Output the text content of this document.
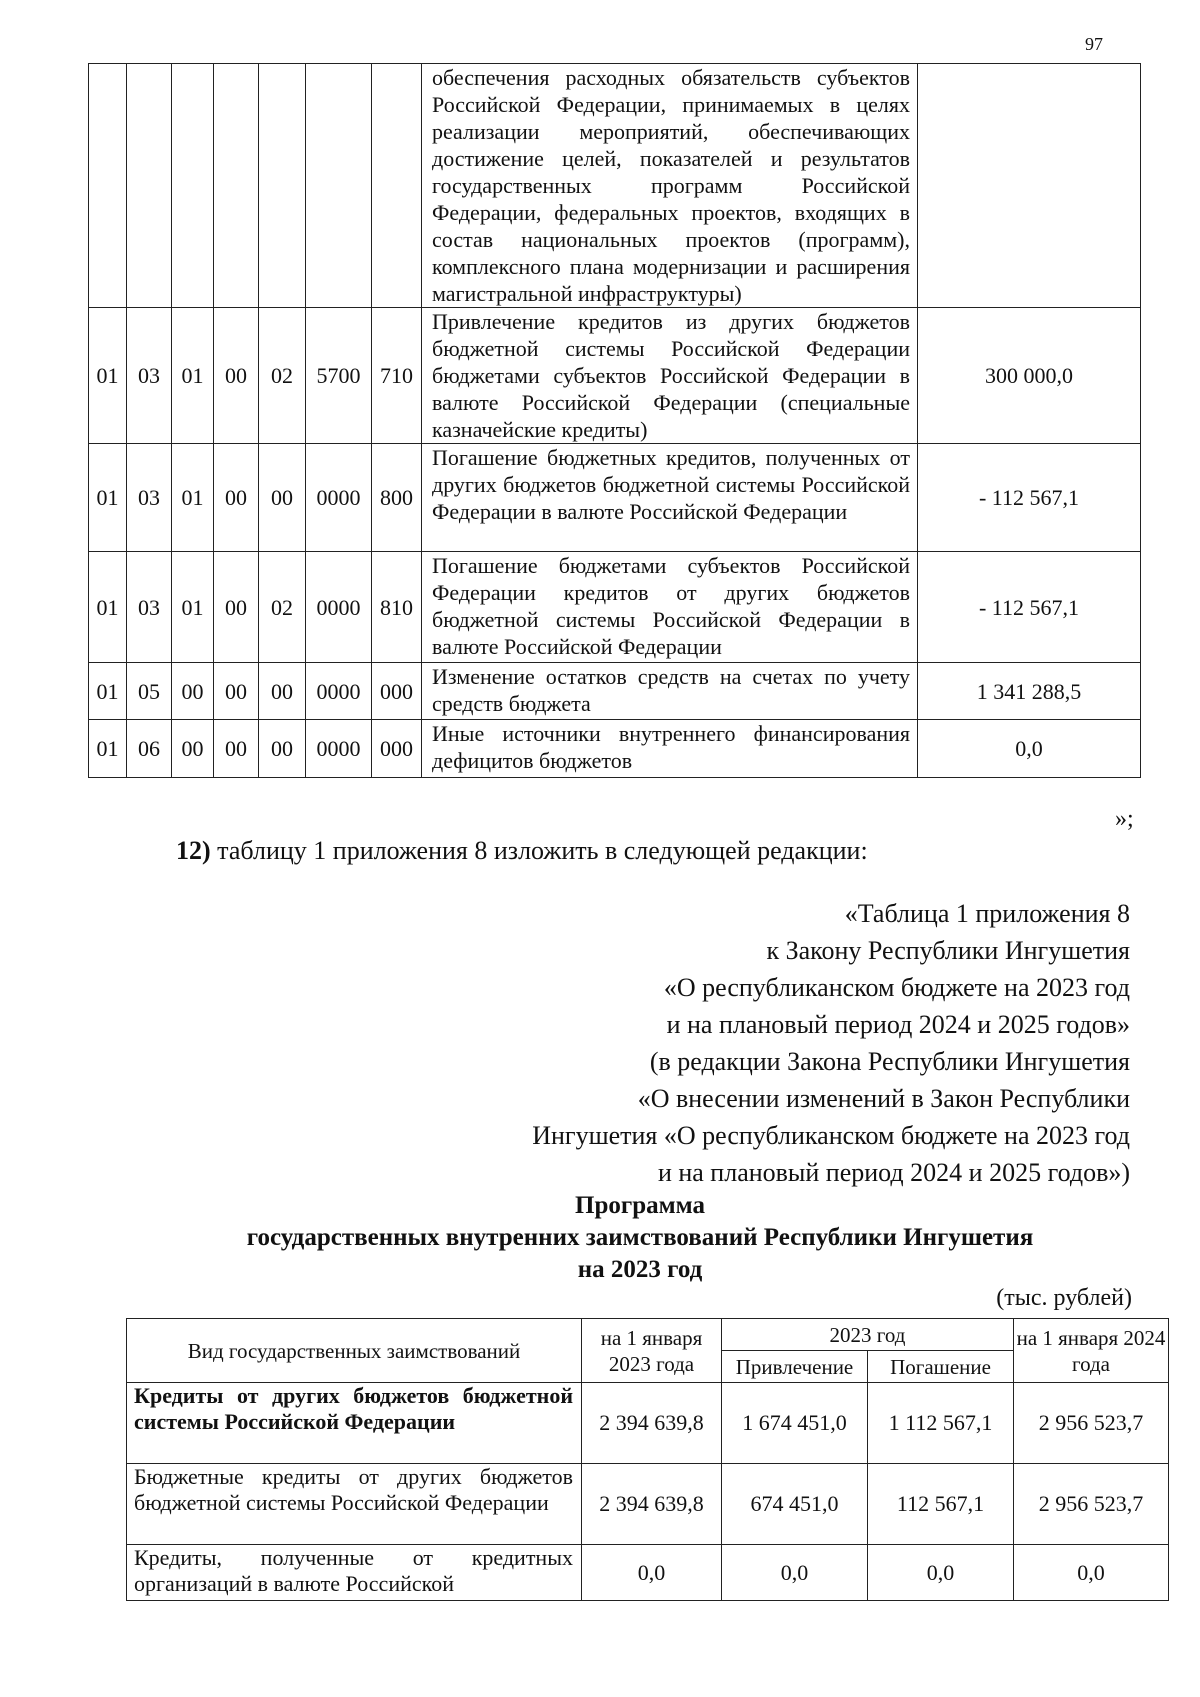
97
							обеспечения расходных обязательств субъектов Российской Федерации, принимаемых в целях реализации мероприятий, обеспечивающих достижение целей, показателей и результатов государственных программ Российской Федерации, федеральных проектов, входящих в состав национальных проектов (программ), комплексного плана модернизации и расширения магистральной инфраструктуры)	
01	03	01	00	02	5700	710	Привлечение кредитов из других бюджетов бюджетной системы Российской Федерации бюджетами субъектов Российской Федерации в валюте Российской Федерации (специальные казначейские кредиты)	300 000,0
01	03	01	00	00	0000	800	Погашение бюджетных кредитов, полученных от других бюджетов бюджетной системы Российской Федерации в валюте Российской Федерации	- 112 567,1
01	03	01	00	02	0000	810	Погашение бюджетами субъектов Российской Федерации кредитов от других бюджетов бюджетной системы Российской Федерации в валюте Российской Федерации	- 112 567,1
01	05	00	00	00	0000	000	Изменение остатков средств на счетах по учету средств бюджета	1 341 288,5
01	06	00	00	00	0000	000	Иные источники внутреннего финансирования дефицитов бюджетов	0,0
»;
12) таблицу 1 приложения 8 изложить в следующей редакции:
«Таблица 1 приложения 8
к Закону Республики Ингушетия
«О республиканском бюджете на 2023 год
и на плановый период 2024 и 2025 годов»
(в редакции Закона Республики Ингушетия
«О внесении изменений в Закон Республики
Ингушетия «О республиканском бюджете на 2023 год
и на плановый период 2024 и 2025 годов»)
Программа
государственных внутренних заимствований Республики Ингушетия
на 2023 год
(тыс. рублей)
Вид государственных заимствований	на 1 января 2023 года	2023 год		на 1 января 2024 года
		Привлечение	Погашение	
Кредиты от других бюджетов бюджетной системы Российской Федерации	2 394 639,8	1 674 451,0	1 112 567,1	2 956 523,7
Бюджетные кредиты от других бюджетов бюджетной системы Российской Федерации	2 394 639,8	674 451,0	112 567,1	2 956 523,7
Кредиты, полученные от кредитных организаций в валюте Российской	0,0	0,0	0,0	0,0
